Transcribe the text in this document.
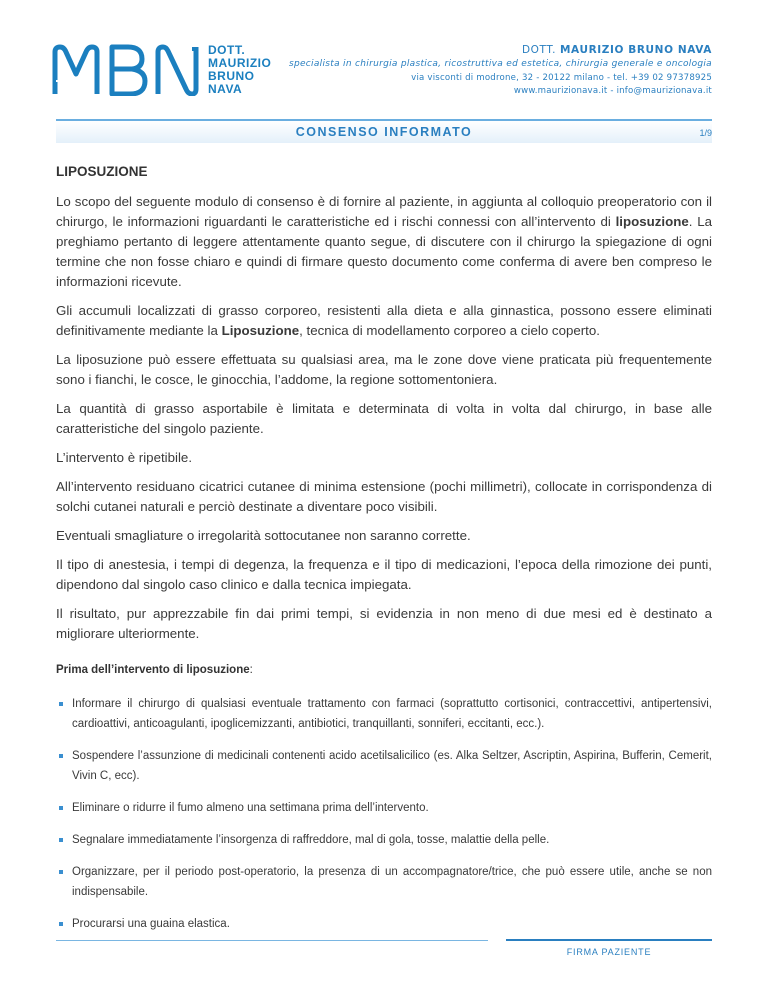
DOTT.
MAURIZIO
BRUNO
NAVA
DOTT. MAURIZIO BRUNO NAVA
specialista in chirurgia plastica, ricostruttiva ed estetica, chirurgia generale e oncologia
via visconti di modrone, 32 - 20122 milano - tel. +39 02 97378925
www.maurizionava.it - info@maurizionava.it
CONSENSO INFORMATO	1/9
LIPOSUZIONE

Lo scopo del seguente modulo di consenso è di fornire al paziente, in aggiunta al colloquio preoperatorio con il chirurgo, le informazioni riguardanti le caratteristiche ed i rischi connessi con all’intervento di liposuzione. La preghiamo pertanto di leggere attentamente quanto segue, di discutere con il chirurgo la spiegazione di ogni termine che non fosse chiaro e quindi di firmare questo documento come conferma di avere ben compreso le informazioni ricevute.

Gli accumuli localizzati di grasso corporeo, resistenti alla dieta e alla ginnastica, possono essere eliminati definitivamente mediante la Liposuzione, tecnica di modellamento corporeo a cielo coperto.

La liposuzione può essere effettuata su qualsiasi area, ma le zone dove viene praticata più frequentemente sono i fianchi, le cosce, le ginocchia, l’addome, la regione sottomentoniera.

La quantità di grasso asportabile è limitata e determinata di volta in volta dal chirurgo, in base alle caratteristiche del singolo paziente.

L’intervento è ripetibile.

All’intervento residuano cicatrici cutanee di minima estensione (pochi millimetri), collocate in corrispondenza di solchi cutanei naturali e perciò destinate a diventare poco visibili.

Eventuali smagliature o irregolarità sottocutanee non saranno corrette.

Il tipo di anestesia, i tempi di degenza, la frequenza e il tipo di medicazioni, l’epoca della rimozione dei punti, dipendono dal singolo caso clinico e dalla tecnica impiegata.

Il risultato, pur apprezzabile fin dai primi tempi, si evidenzia in non meno di due mesi ed è destinato a migliorare ulteriormente.

Prima dell’intervento di liposuzione:
Informare il chirurgo di qualsiasi eventuale trattamento con farmaci (soprattutto cortisonici, contraccettivi, antipertensivi, cardioattivi, anticoagulanti, ipoglicemizzanti, antibiotici, tranquillanti, sonniferi, eccitanti, ecc.).
Sospendere l’assunzione di medicinali contenenti acido acetilsalicilico (es. Alka Seltzer, Ascriptin, Aspirina, Bufferin, Cemerit, Vivin C, ecc).
Eliminare o ridurre il fumo almeno una settimana prima dell’intervento.
Segnalare immediatamente l’insorgenza di raffreddore, mal di gola, tosse, malattie della pelle.
Organizzare, per il periodo post-operatorio, la presenza di un accompagnatore/trice, che può essere utile, anche se non indispensabile.
Procurarsi una guaina elastica.
FIRMA PAZIENTE
